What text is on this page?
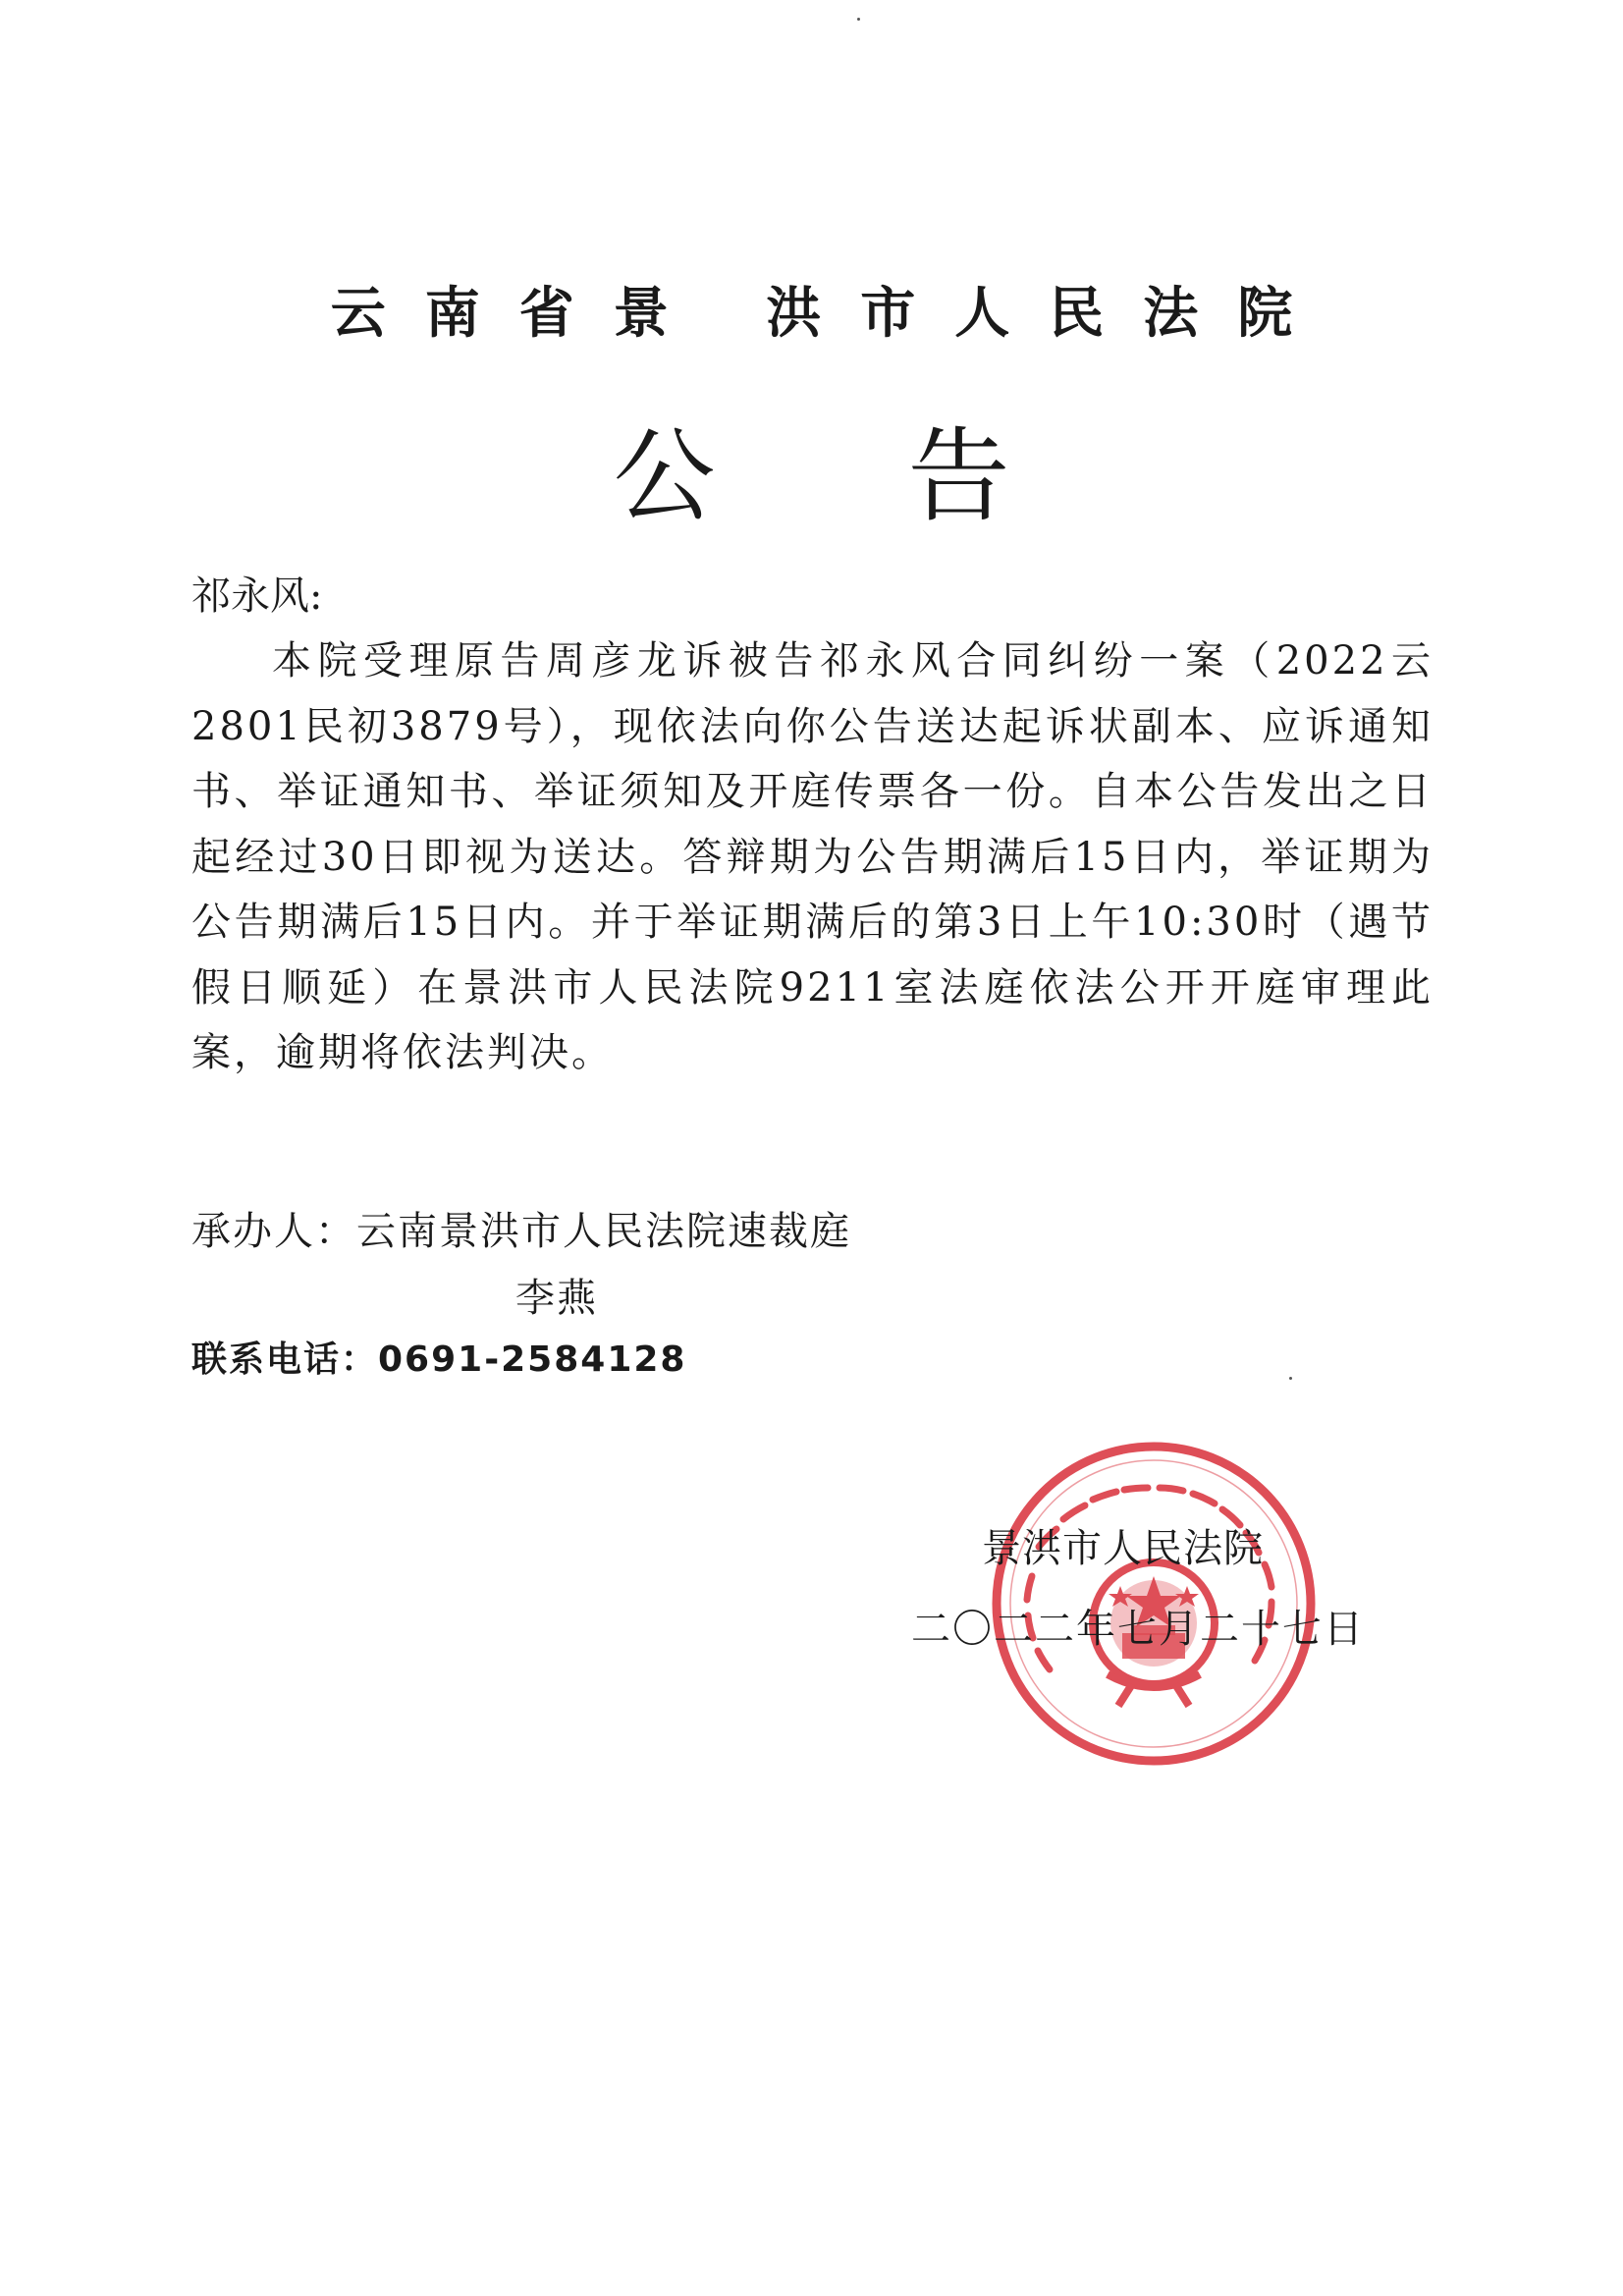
云南省景 洪市人民法院
公告
祁永风:
本院受理原告周彦龙诉被告祁永风合同纠纷一案（2022云2801民初3879号），现依法向你公告送达起诉状副本、应诉通知书、举证通知书、举证须知及开庭传票各一份。自本公告发出之日起经过30日即视为送达。答辩期为公告期满后15日内，举证期为公告期满后15日内。并于举证期满后的第3日上午10:30时（遇节假日顺延）在景洪市人民法院9211室法庭依法公开开庭审理此案，逾期将依法判决。
承办人：云南景洪市人民法院速裁庭
李燕
联系电话：0691-2584128
景洪市人民法院
二〇二二年七月二十七日
